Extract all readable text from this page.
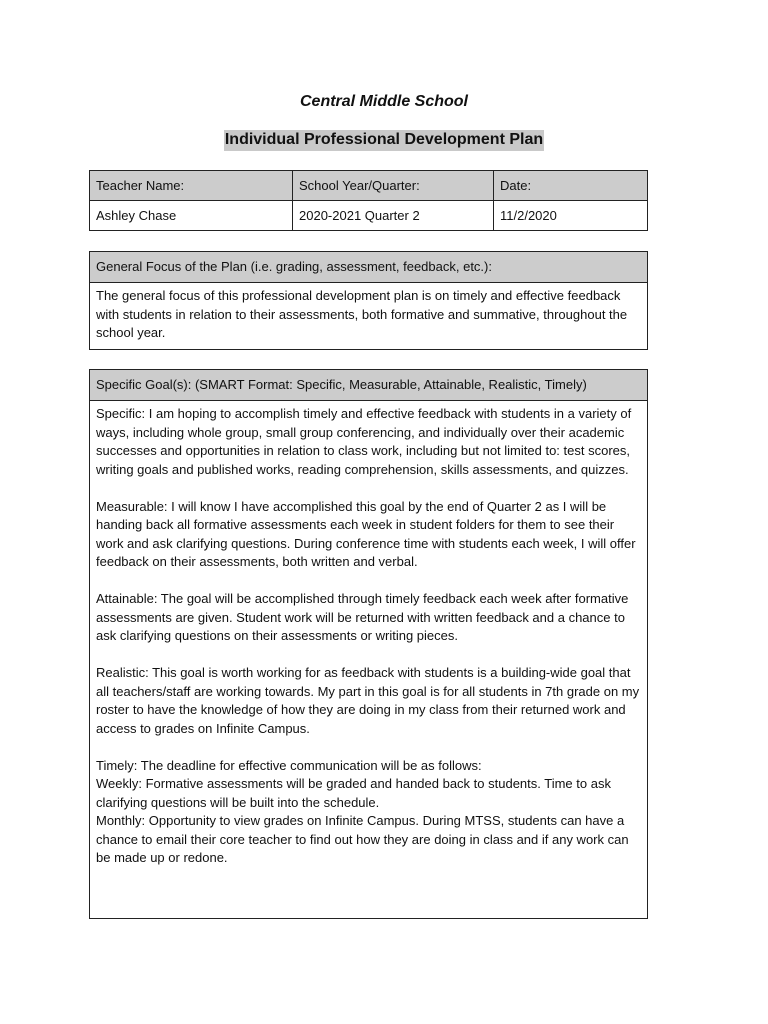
Central Middle School
Individual Professional Development Plan
Teacher Name:	School Year/Quarter:	Date:
Ashley Chase	2020-2021 Quarter 2	11/2/2020
General Focus of the Plan (i.e. grading, assessment, feedback, etc.):

The general focus of this professional development plan is on timely and effective feedback with students in relation to their assessments, both formative and summative, throughout the school year.

Specific Goal(s): (SMART Format: Specific, Measurable, Attainable, Realistic, Timely)

Specific: I am hoping to accomplish timely and effective feedback with students in a variety of ways, including whole group, small group conferencing, and individually over their academic successes and opportunities in relation to class work, including but not limited to: test scores, writing goals and published works, reading comprehension, skills assessments, and quizzes.

Measurable: I will know I have accomplished this goal by the end of Quarter 2 as I will be handing back all formative assessments each week in student folders for them to see their work and ask clarifying questions. During conference time with students each week, I will offer feedback on their assessments, both written and verbal.

Attainable: The goal will be accomplished through timely feedback each week after formative assessments are given. Student work will be returned with written feedback and a chance to ask clarifying questions on their assessments or writing pieces.

Realistic: This goal is worth working for as feedback with students is a building-wide goal that all teachers/staff are working towards. My part in this goal is for all students in 7th grade on my roster to have the knowledge of how they are doing in my class from their returned work and access to grades on Infinite Campus.

Timely: The deadline for effective communication will be as follows:
Weekly: Formative assessments will be graded and handed back to students. Time to ask clarifying questions will be built into the schedule.
Monthly: Opportunity to view grades on Infinite Campus. During MTSS, students can have a chance to email their core teacher to find out how they are doing in class and if any work can be made up or redone.
